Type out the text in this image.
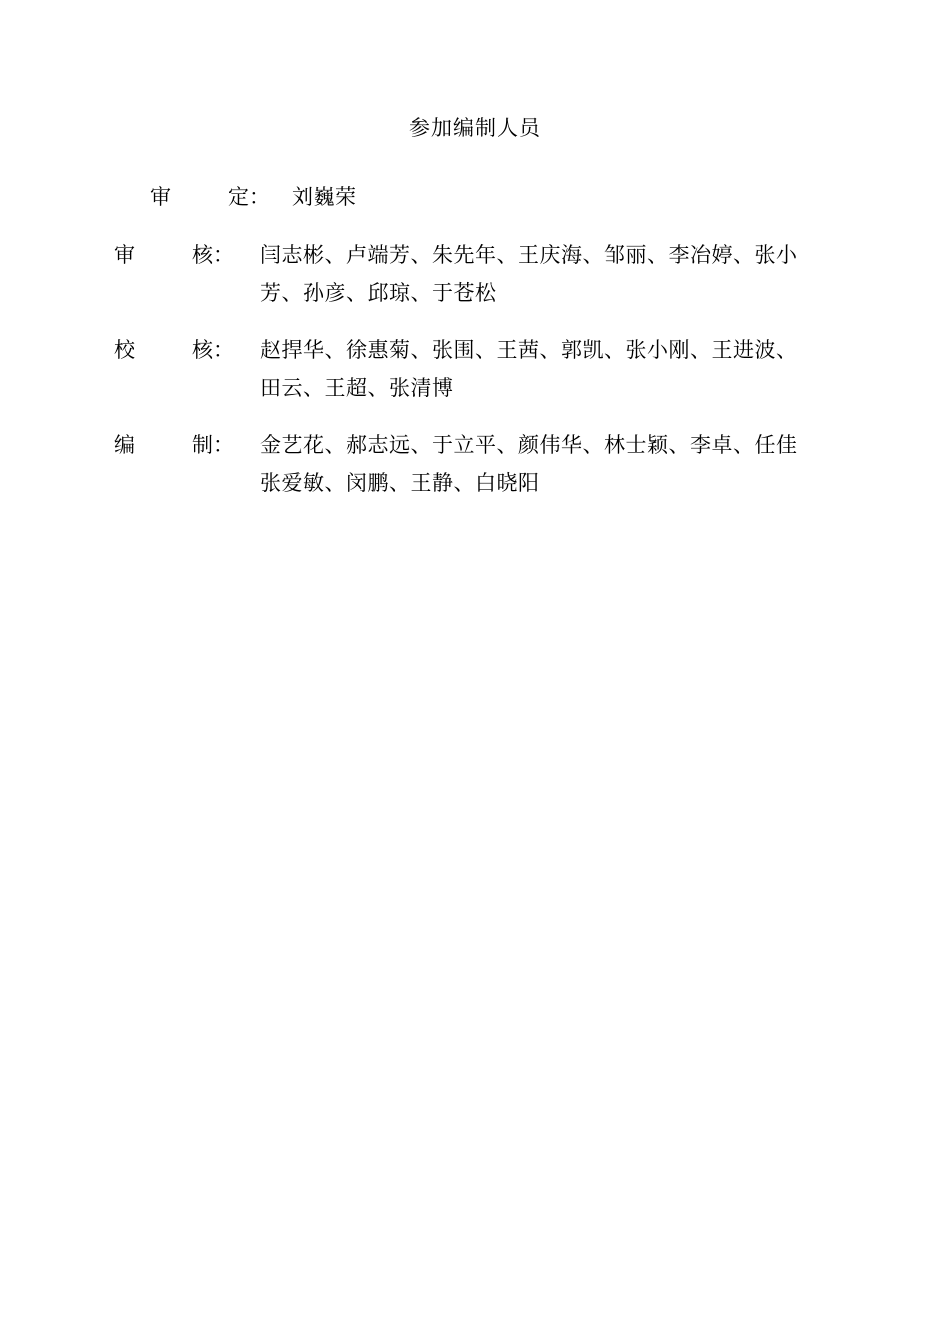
参加编制人员
审	定： 刘巍荣
审	核： 闫志彬、卢端芳、朱先年、王庆海、邹丽、李冶婷、张小
芳、孙彦、邱琼、于苍松
校	核： 赵捍华、徐惠菊、张围、王茜、郭凯、张小刚、王进波、
田云、王超、张清博
编	制： 金艺花、郝志远、于立平、颜伟华、林士颖、李卓、任佳
张爱敏、闵鹏、王静、白晓阳
